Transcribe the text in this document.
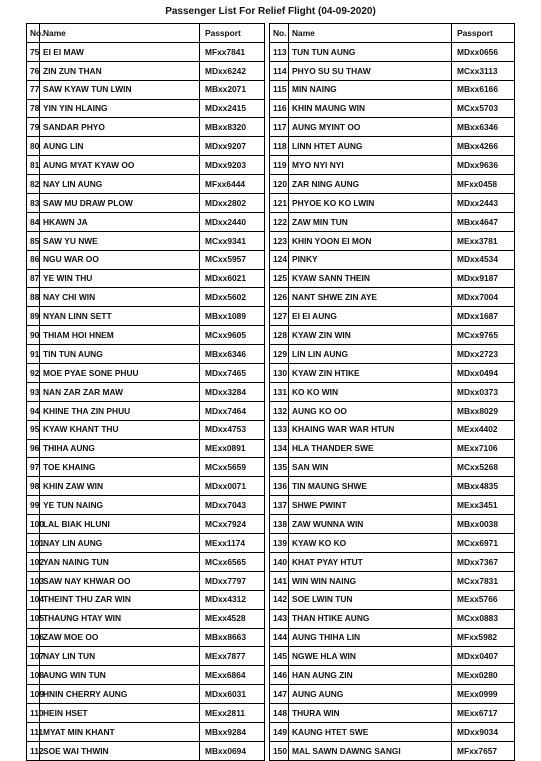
Passenger List For Relief Flight (04-09-2020)
No.	Name	Passport
75	EI EI MAW	MFxx7841
76	ZIN ZUN THAN	MDxx6242
77	SAW KYAW TUN LWIN	MBxx2071
78	YIN YIN HLAING	MDxx2415
79	SANDAR PHYO	MBxx8320
80	AUNG LIN	MDxx9207
81	AUNG MYAT KYAW OO	MDxx9203
82	NAY LIN AUNG	MFxx6444
83	SAW MU DRAW PLOW	MDxx2802
84	HKAWN JA	MDxx2440
85	SAW YU NWE	MCxx9341
86	NGU WAR OO	MCxx5957
87	YE WIN THU	MDxx6021
88	NAY CHI WIN	MDxx5602
89	NYAN LINN SETT	MBxx1089
90	THIAM HOI HNEM	MCxx9605
91	TIN TUN AUNG	MBxx6346
92	MOE PYAE SONE PHUU	MDxx7465
93	NAN ZAR ZAR MAW	MDxx3284
94	KHINE THA ZIN PHUU	MDxx7464
95	KYAW KHANT THU	MDxx4753
96	THIHA AUNG	MExx0891
97	TOE KHAING	MCxx5659
98	KHIN ZAW WIN	MDxx0071
99	YE TUN NAING	MDxx7043
100	LAL BIAK HLUNI	MCxx7924
101	NAY LIN AUNG	MExx1174
102	YAN NAING TUN	MCxx6565
103	SAW NAY KHWAR OO	MDxx7797
104	THEINT THU ZAR WIN	MDxx4312
105	THAUNG HTAY WIN	MExx4528
106	ZAW MOE OO	MBxx8663
107	NAY LIN TUN	MExx7877
108	AUNG WIN TUN	MExx6864
109	HNIN CHERRY AUNG	MDxx6031
110	HEIN HSET	MExx2811
111	MYAT MIN KHANT	MBxx9284
112	SOE WAI THWIN	MBxx0694
No.	Name	Passport
113	TUN TUN AUNG	MDxx0656
114	PHYO SU SU THAW	MCxx3113
115	MIN NAING	MBxx6166
116	KHIN MAUNG WIN	MCxx5703
117	AUNG MYINT OO	MBxx6346
118	LINN HTET AUNG	MBxx4266
119	MYO NYI NYI	MDxx9636
120	ZAR NING AUNG	MFxx0458
121	PHYOE KO KO LWIN	MDxx2443
122	ZAW MIN TUN	MBxx4647
123	KHIN YOON EI MON	MExx3781
124	PINKY	MDxx4534
125	KYAW SANN THEIN	MDxx9187
126	NANT SHWE ZIN AYE	MDxx7004
127	EI EI AUNG	MDxx1687
128	KYAW ZIN WIN	MCxx9765
129	LIN LIN AUNG	MDxx2723
130	KYAW ZIN HTIKE	MDxx0494
131	KO KO WIN	MDxx0373
132	AUNG KO OO	MBxx8029
133	KHAING WAR WAR HTUN	MExx4402
134	HLA THANDER SWE	MExx7106
135	SAN WIN	MCxx5268
136	TIN MAUNG SHWE	MBxx4835
137	SHWE PWINT	MExx3451
138	ZAW WUNNA WIN	MBxx0038
139	KYAW KO KO	MCxx6971
140	KHAT PYAY HTUT	MDxx7367
141	WIN WIN NAING	MCxx7831
142	SOE LWIN TUN	MExx5766
143	THAN HTIKE AUNG	MCxx0883
144	AUNG THIHA LIN	MFxx5982
145	NGWE HLA WIN	MDxx0407
146	HAN AUNG ZIN	MExx0280
147	AUNG AUNG	MExx0999
148	THURA WIN	MExx6717
149	KAUNG HTET SWE	MDxx9034
150	MAL SAWN DAWNG SANGI	MFxx7657
